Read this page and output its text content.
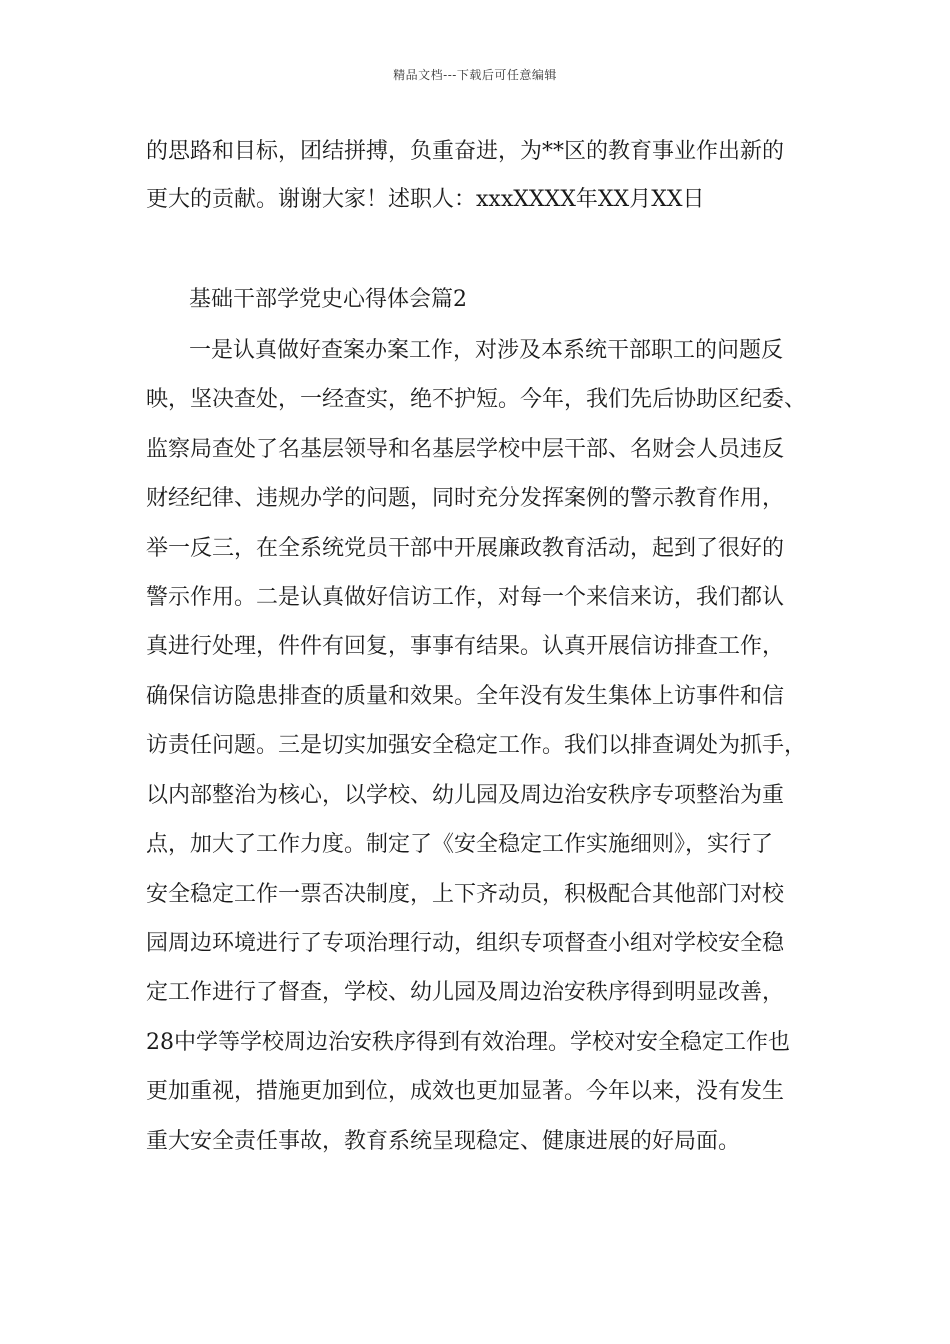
精品文档---下载后可任意编辑
的思路和目标，团结拼搏，负重奋进，为**区的教育事业作出新的
更大的贡献。谢谢大家！述职人：xxxXXXX年XX月XX日
基础干部学党史心得体会篇2
一是认真做好查案办案工作，对涉及本系统干部职工的问题反
映，坚决查处，一经查实，绝不护短。今年，我们先后协助区纪委、
监察局查处了名基层领导和名基层学校中层干部、名财会人员违反
财经纪律、违规办学的问题，同时充分发挥案例的警示教育作用，
举一反三，在全系统党员干部中开展廉政教育活动，起到了很好的
警示作用。二是认真做好信访工作，对每一个来信来访，我们都认
真进行处理，件件有回复，事事有结果。认真开展信访排查工作，
确保信访隐患排查的质量和效果。全年没有发生集体上访事件和信
访责任问题。三是切实加强安全稳定工作。我们以排查调处为抓手，
以内部整治为核心，以学校、幼儿园及周边治安秩序专项整治为重
点，加大了工作力度。制定了《安全稳定工作实施细则》，实行了
安全稳定工作一票否决制度，上下齐动员，积极配合其他部门对校
园周边环境进行了专项治理行动，组织专项督查小组对学校安全稳
定工作进行了督查，学校、幼儿园及周边治安秩序得到明显改善，
28中学等学校周边治安秩序得到有效治理。学校对安全稳定工作也
更加重视，措施更加到位，成效也更加显著。今年以来，没有发生
重大安全责任事故，教育系统呈现稳定、健康进展的好局面。
